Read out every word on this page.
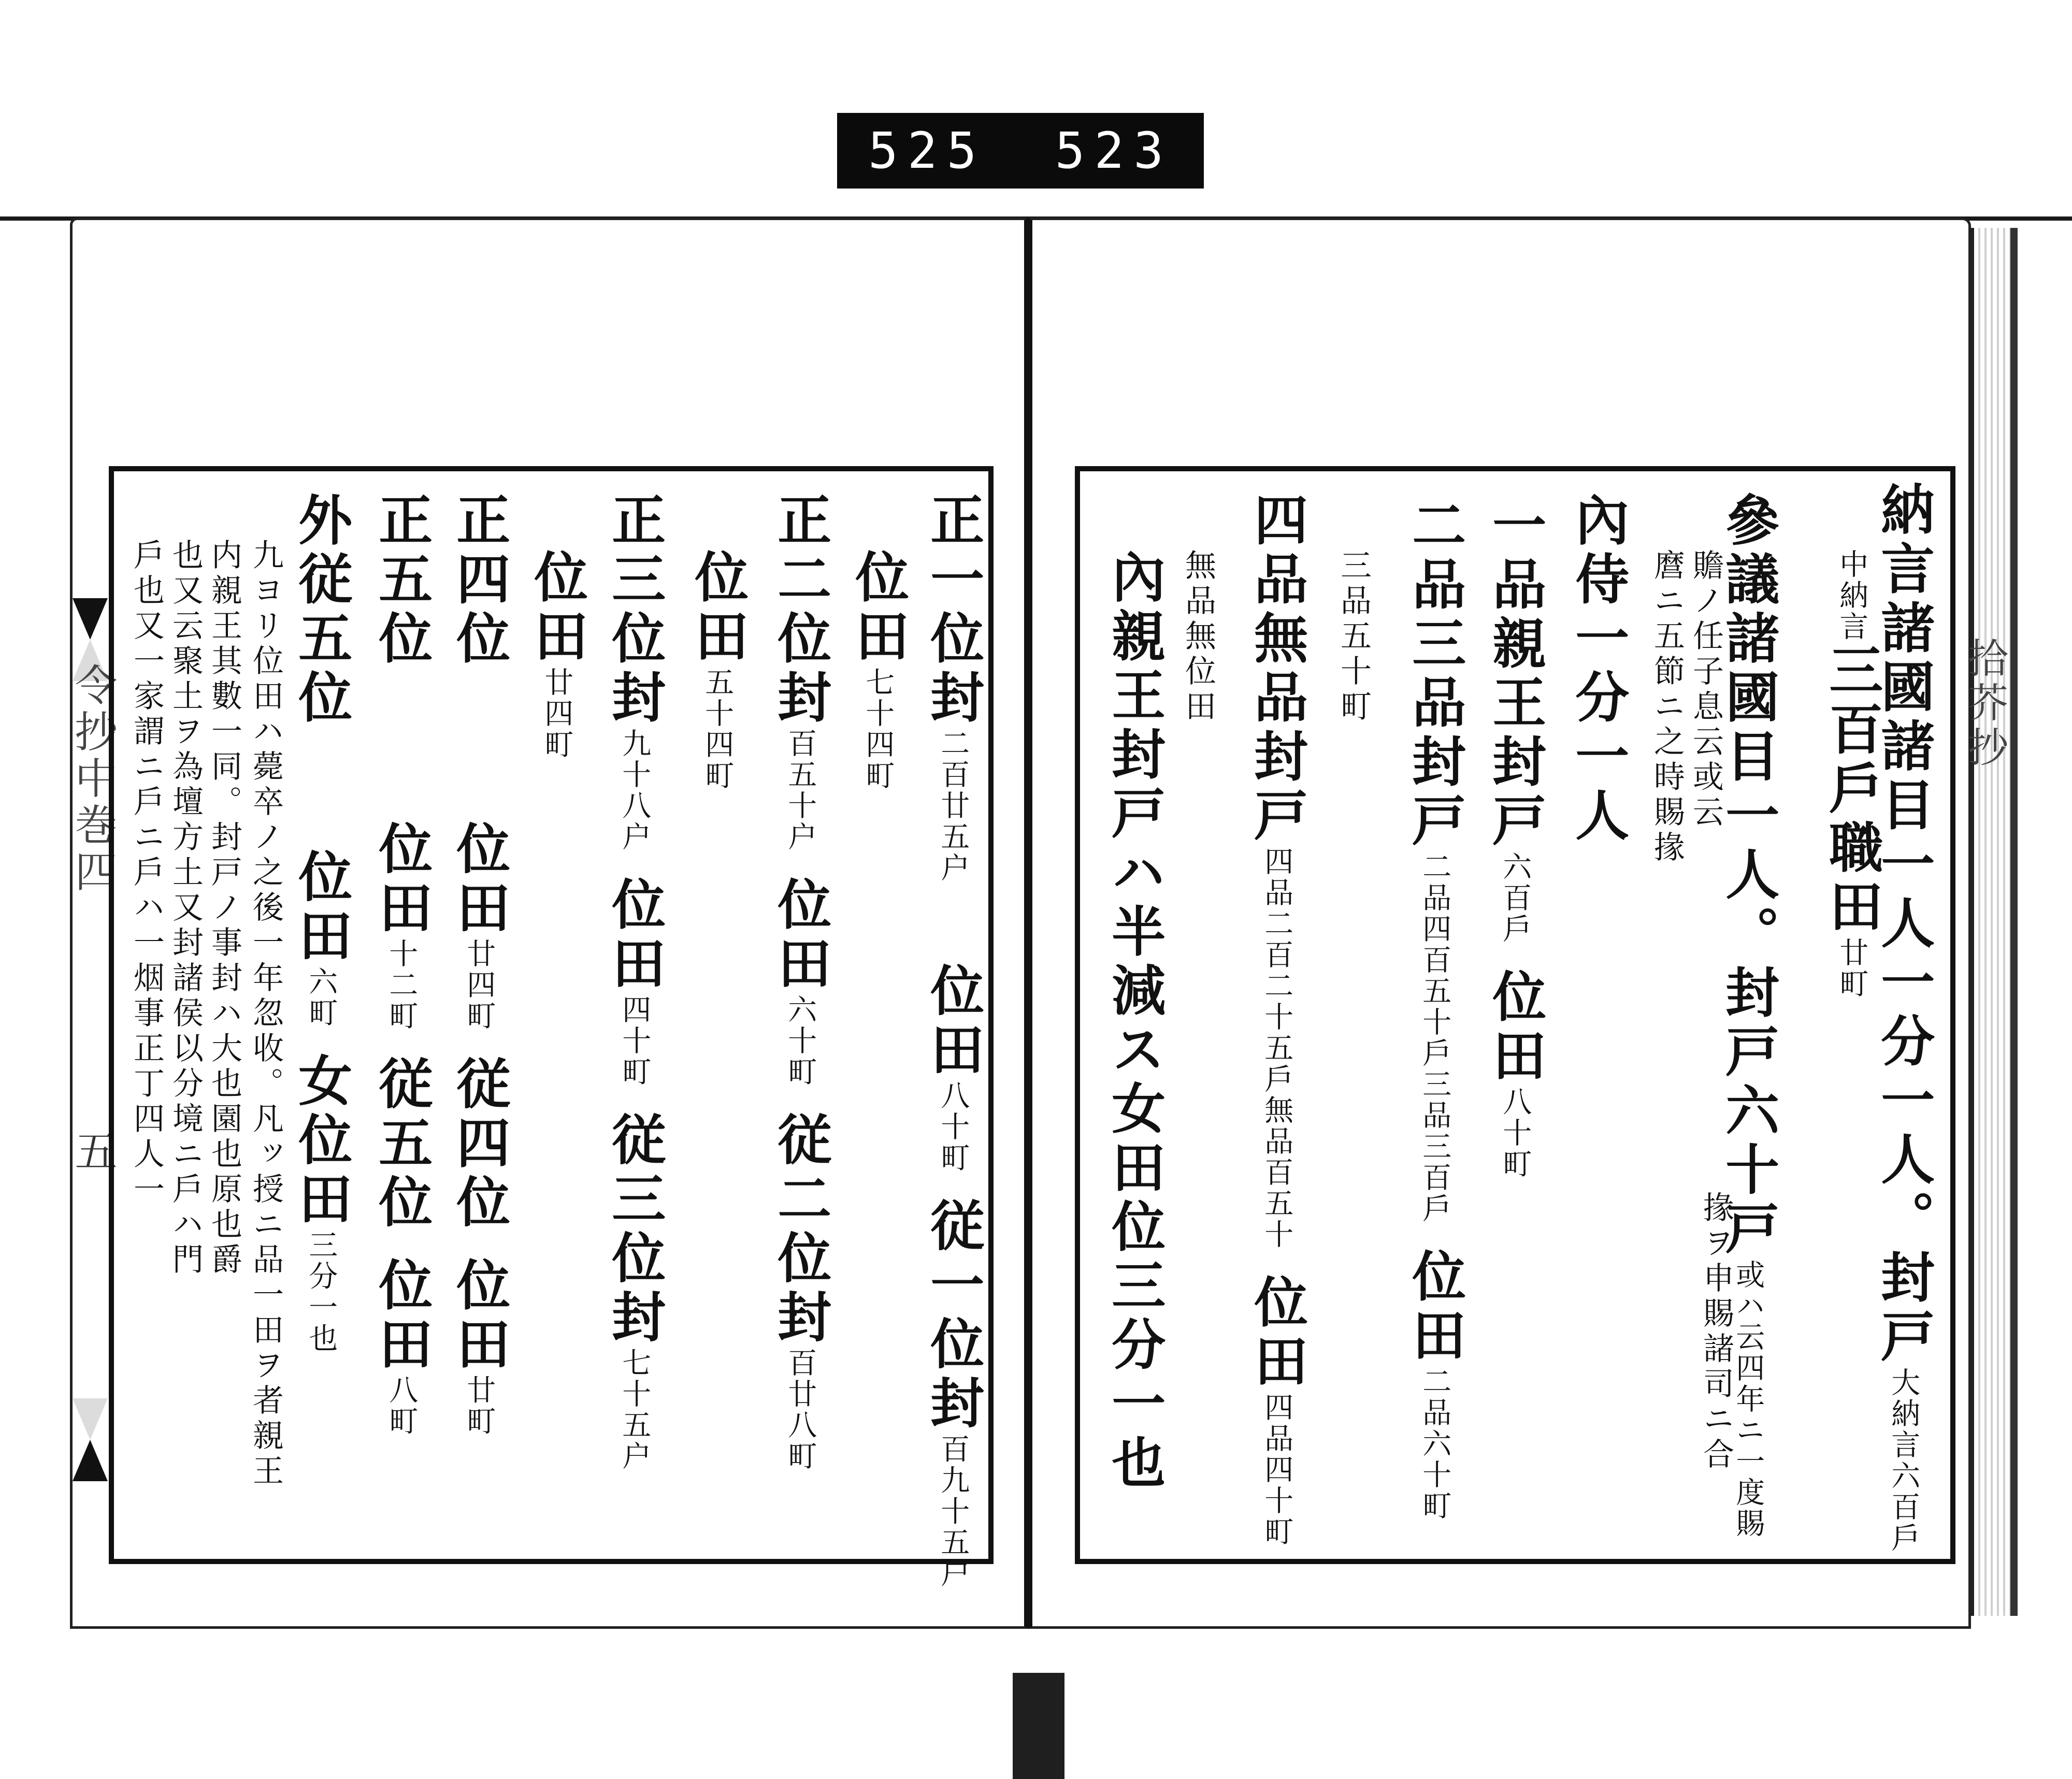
525 523
令抄中巻四
五
拾芥抄
正一位封二百廿五户  位田八十町 従一位封百九十五户
位田七十四町
正二位封百五十户 位田六十町 従二位封百廿八町
位田五十四町
正三位封九十八户 位田四十町 従三位封七十五户
位田廿四町
正四位  位田廿四町 従四位 位田廿町
正五位  位田十二町 従五位 位田八町
外従五位  位田六町 女位田三分一也
九ヨリ位田ハ薨卒ノ之後一年忽收。凡ッ授ニ品一田ヲ者親王
内親王其數一同。封戸ノ事封ハ大也園也原也爵
也又云聚土ヲ為壇方土又封諸侯以分境ニ戶ハ門
戶也又一家謂ニ戶ニ戶ハ一烟事正丁四人一	納言諸國諸目一人一分一人。封戸大納言六百戶
中納言三百戶職田廿町
參議諸國目一人。封戸六十戸或ハ云四年ニ一度賜
掾ヲ申賜諸司ニ合
贍ノ任子息云或云
麿ニ五節ニ之時賜掾
內侍一分一人
一品親王封戸六百戶 位田八十町
二品三品封戸二品四百五十戶三品三百戶 位田二品六十町
三品五十町
四品無品封戸四品二百二十五戶無品百五十 位田四品四十町
無品無位田
內親王封戸ハ半減ス女田位三分一也
